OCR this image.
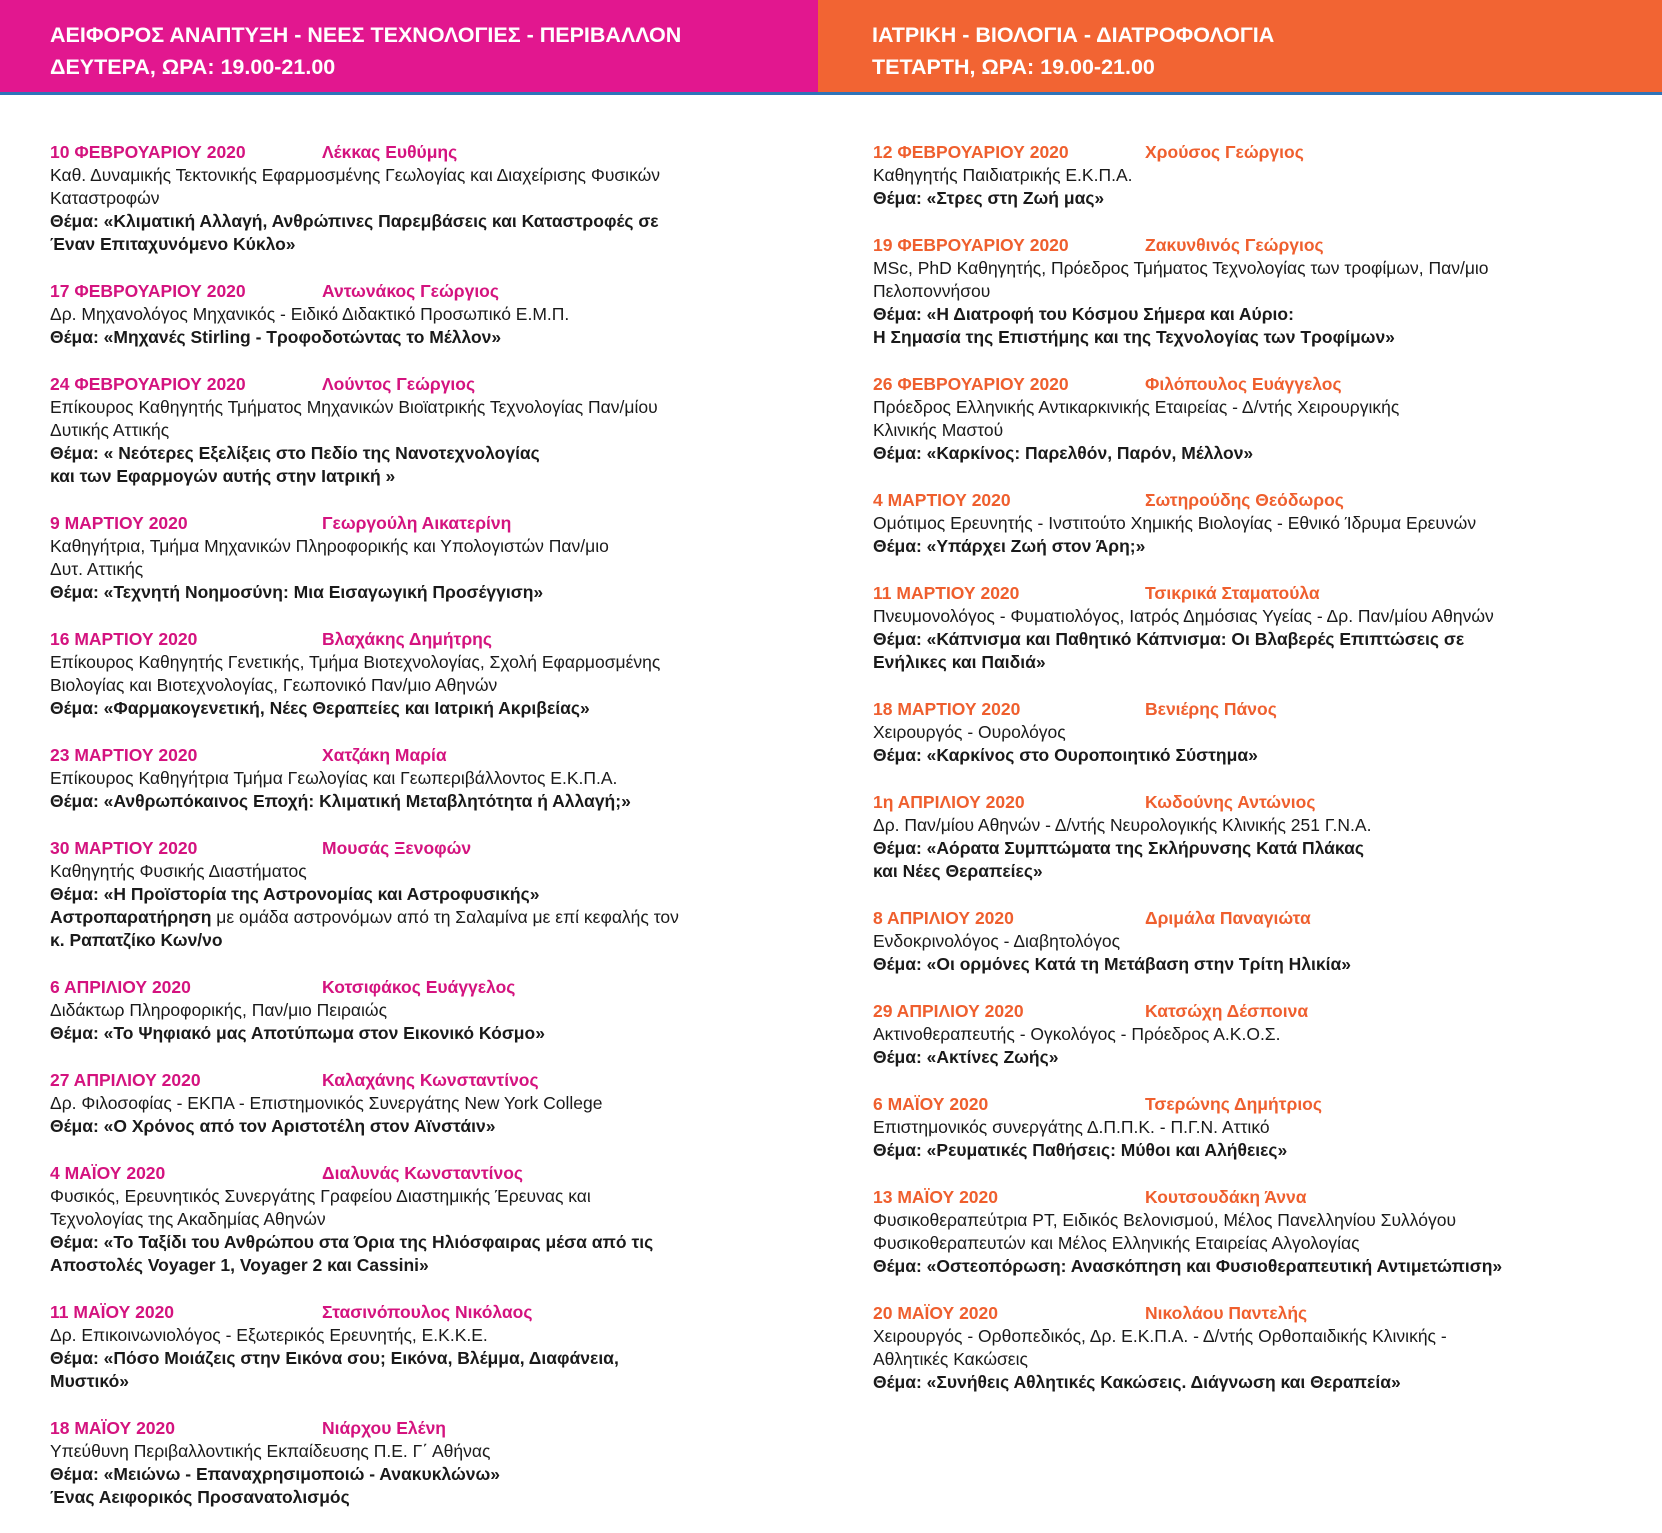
ΑΕΙΦΟΡΟΣ ΑΝΑΠΤΥΞΗ - ΝΕΕΣ ΤΕΧΝΟΛΟΓΙΕΣ - ΠΕΡΙΒΑΛΛΟΝ
ΔΕΥΤΕΡΑ, ΩΡΑ: 19.00-21.00
ΙΑΤΡΙΚΗ - ΒΙΟΛΟΓΙΑ - ΔΙΑΤΡΟΦΟΛΟΓΙΑ
ΤΕΤΑΡΤΗ, ΩΡΑ: 19.00-21.00
10 ΦΕΒΡΟΥΑΡΙΟΥ 2020	Λέκκας Ευθύμης
Καθ. Δυναμικής Τεκτονικής Εφαρμοσμένης Γεωλογίας και Διαχείρισης Φυσικών
Καταστροφών
Θέμα: «Κλιματική Αλλαγή, Ανθρώπινες Παρεμβάσεις και Καταστροφές σε
Έναν Επιταχυνόμενο Κύκλο»
17 ΦΕΒΡΟΥΑΡΙΟΥ 2020	Αντωνάκος Γεώργιος
Δρ. Μηχανολόγος Μηχανικός - Ειδικό Διδακτικό Προσωπικό Ε.Μ.Π.
Θέμα: «Μηχανές Stirling - Τροφοδοτώντας το Μέλλον»
24 ΦΕΒΡΟΥΑΡΙΟΥ 2020	Λούντος Γεώργιος
Επίκουρος Καθηγητής Τμήματος Μηχανικών Βιοϊατρικής Τεχνολογίας Παν/μίου
Δυτικής Αττικής
Θέμα: « Νεότερες Εξελίξεις στο Πεδίο της Νανοτεχνολογίας
και των Εφαρμογών αυτής στην Ιατρική »
9 ΜΑΡΤΙΟΥ 2020	Γεωργούλη Αικατερίνη
Καθηγήτρια, Τμήμα Μηχανικών Πληροφορικής και Υπολογιστών Παν/μιο
Δυτ. Αττικής
Θέμα: «Τεχνητή Νοημοσύνη: Μια Εισαγωγική Προσέγγιση»
16 ΜΑΡΤΙΟΥ 2020	Βλαχάκης Δημήτρης
Επίκουρος Καθηγητής Γενετικής, Τμήμα Βιοτεχνολογίας, Σχολή Εφαρμοσμένης
Βιολογίας και Βιοτεχνολογίας, Γεωπονικό Παν/μιο Αθηνών
Θέμα: «Φαρμακογενετική, Νέες Θεραπείες και Ιατρική Ακριβείας»
23 ΜΑΡΤΙΟΥ 2020	Χατζάκη Μαρία
Επίκουρος Καθηγήτρια Τμήμα Γεωλογίας και Γεωπεριβάλλοντος Ε.Κ.Π.Α.
Θέμα: «Ανθρωπόκαινος Εποχή: Κλιματική Μεταβλητότητα ή Αλλαγή;»
30 ΜΑΡΤΙΟΥ 2020	Μουσάς Ξενοφών
Καθηγητής Φυσικής Διαστήματος
Θέμα: «Η Προϊστορία της Αστρονομίας και Αστροφυσικής»
Αστροπαρατήρηση με ομάδα αστρονόμων από τη Σαλαμίνα με επί κεφαλής τον
κ. Ραπατζίκο Κων/νο
6 ΑΠΡΙΛΙΟΥ 2020	Κοτσιφάκος Ευάγγελος
Διδάκτωρ Πληροφορικής, Παν/μιο Πειραιώς
Θέμα: «Το Ψηφιακό μας Αποτύπωμα στον Εικονικό Κόσμο»
27 ΑΠΡΙΛΙΟΥ 2020	Καλαχάνης Κωνσταντίνος
Δρ. Φιλοσοφίας - ΕΚΠΑ - Επιστημονικός Συνεργάτης New York College
Θέμα: «Ο Χρόνος από τον Αριστοτέλη στον Αϊνστάιν»
4 ΜΑΪΟΥ 2020	Διαλυνάς Κωνσταντίνος
Φυσικός, Ερευνητικός Συνεργάτης Γραφείου Διαστημικής Έρευνας και
Τεχνολογίας της Ακαδημίας Αθηνών
Θέμα: «Το Ταξίδι του Ανθρώπου στα Όρια της Ηλιόσφαιρας μέσα από τις
Αποστολές Voyager 1, Voyager 2 και Cassini»
11 ΜΑΪΟΥ 2020	Στασινόπουλος Νικόλαος
Δρ. Επικοινωνιολόγος - Εξωτερικός Ερευνητής, Ε.Κ.Κ.Ε.
Θέμα: «Πόσο Μοιάζεις στην Εικόνα σου; Εικόνα, Βλέμμα, Διαφάνεια,
Μυστικό»
18 ΜΑΪΟΥ 2020	Νιάρχου Ελένη
Υπεύθυνη Περιβαλλοντικής Εκπαίδευσης Π.Ε. Γ΄ Αθήνας
Θέμα: «Μειώνω - Επαναχρησιμοποιώ - Ανακυκλώνω»
Ένας Αειφορικός Προσανατολισμός
12 ΦΕΒΡΟΥΑΡΙΟΥ 2020	Χρούσος Γεώργιος
Καθηγητής Παιδιατρικής Ε.Κ.Π.Α.
Θέμα: «Στρες στη Ζωή μας»
19 ΦΕΒΡΟΥΑΡΙΟΥ 2020	Ζακυνθινός Γεώργιος
MSc, PhD Καθηγητής, Πρόεδρος Τμήματος Τεχνολογίας των τροφίμων, Παν/μιο
Πελοποννήσου
Θέμα: «Η Διατροφή του Κόσμου Σήμερα και Αύριο:
Η Σημασία της Επιστήμης και της Τεχνολογίας των Τροφίμων»
26 ΦΕΒΡΟΥΑΡΙΟΥ 2020	Φιλόπουλος Ευάγγελος
Πρόεδρος Ελληνικής Αντικαρκινικής Εταιρείας - Δ/ντής Χειρουργικής
Κλινικής Μαστού
Θέμα: «Καρκίνος: Παρελθόν, Παρόν, Μέλλον»
4 ΜΑΡΤΙΟΥ 2020	Σωτηρούδης Θεόδωρος
Ομότιμος Ερευνητής - Ινστιτούτο Χημικής Βιολογίας - Εθνικό Ίδρυμα Ερευνών
Θέμα: «Υπάρχει Ζωή στον Άρη;»
11 ΜΑΡΤΙΟΥ 2020	Τσικρικά Σταματούλα
Πνευμονολόγος - Φυματιολόγος, Ιατρός Δημόσιας Υγείας - Δρ. Παν/μίου Αθηνών
Θέμα: «Κάπνισμα και Παθητικό Κάπνισμα: Οι Βλαβερές Επιπτώσεις σε
Ενήλικες και Παιδιά»
18 ΜΑΡΤΙΟΥ 2020	Βενιέρης Πάνος
Χειρουργός - Ουρολόγος
Θέμα: «Καρκίνος στο Ουροποιητικό Σύστημα»
1η ΑΠΡΙΛΙΟΥ 2020	Κωδούνης Αντώνιος
Δρ. Παν/μίου Αθηνών - Δ/ντής Νευρολογικής Κλινικής 251 Γ.Ν.Α.
Θέμα: «Αόρατα Συμπτώματα της Σκλήρυνσης Κατά Πλάκας
και Νέες Θεραπείες»
8 ΑΠΡΙΛΙΟΥ 2020	Δριμάλα Παναγιώτα
Ενδοκρινολόγος - Διαβητολόγος
Θέμα: «Οι ορμόνες Κατά τη Μετάβαση στην Τρίτη Ηλικία»
29 ΑΠΡΙΛΙΟΥ 2020	Κατσώχη Δέσποινα
Ακτινοθεραπευτής - Ογκολόγος - Πρόεδρος Α.Κ.Ο.Σ.
Θέμα: «Ακτίνες Ζωής»
6 ΜΑΪΟΥ 2020	Τσερώνης Δημήτριος
Επιστημονικός συνεργάτης Δ.Π.Π.Κ. - Π.Γ.Ν. Αττικό
Θέμα: «Ρευματικές Παθήσεις: Μύθοι και Αλήθειες»
13 ΜΑΪΟΥ 2020	Κουτσουδάκη Άννα
Φυσικοθεραπεύτρια PT, Ειδικός Βελονισμού, Μέλος Πανελληνίου Συλλόγου
Φυσικοθεραπευτών και Μέλος Ελληνικής Εταιρείας Αλγολογίας
Θέμα: «Οστεοπόρωση: Ανασκόπηση και Φυσιοθεραπευτική Αντιμετώπιση»
20 ΜΑΪΟΥ 2020	Νικολάου Παντελής
Χειρουργός - Ορθοπεδικός, Δρ. Ε.Κ.Π.Α. - Δ/ντής Ορθοπαιδικής Κλινικής -
Αθλητικές Κακώσεις
Θέμα: «Συνήθεις Αθλητικές Κακώσεις. Διάγνωση και Θεραπεία»
